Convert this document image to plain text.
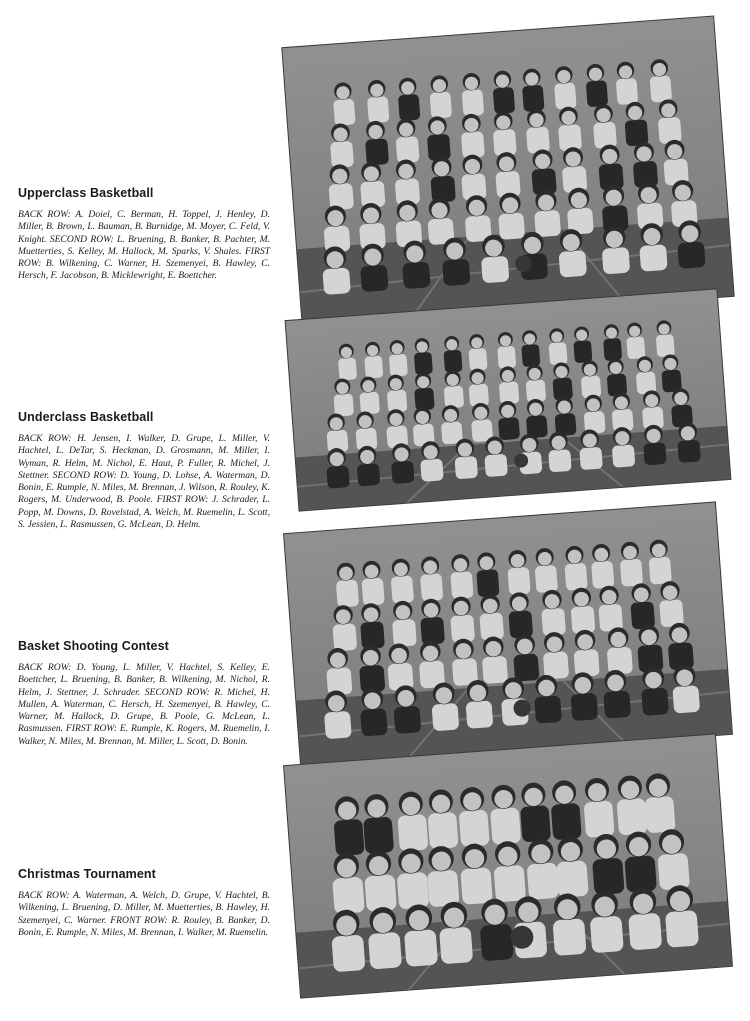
Upperclass Basketball

BACK ROW: A. Doiel, C. Berman, H. Toppel, J. Henley, D. Miller, B. Brown, L. Bauman, B. Burnidge, M. Moyer, C. Feld, V. Knight. SECOND ROW: L. Bruening, B. Banker, B. Pachter, M. Muetterties, S. Kelley, M. Hallock, M. Sparks, V. Shales. FIRST ROW: B. Wilkening, C. Warner, H. Szemenyei, B. Hawley, C. Hersch, F. Jacobson, B. Micklewright, E. Boettcher.

Underclass Basketball

BACK ROW: H. Jensen, I. Walker, D. Grupe, L. Miller, V. Hachtel, L. DeTar, S. Heckman, D. Grosmann, M. Miller, I. Wyman, R. Helm, M. Nichol, E. Haut, P. Fuller, R. Michel, J. Stettner. SECOND ROW: D. Young, D. Lohse, A. Waterman, D. Bonin, E. Rumple, N. Miles, M. Brennan, J. Wilson, R. Rouley, K. Rogers, M. Underwood, B. Poole. FIRST ROW: J. Schrader, L. Popp, M. Downs, D. Rovelstad, A. Welch, M. Ruemelin, L. Scott, S. Jessien, L. Rasmussen, G. McLean, D. Helm.

Basket Shooting Contest

BACK ROW: D. Young, L. Miller, V. Hachtel, S. Kelley, E. Boettcher, L. Bruening, B. Banker, B. Wilkening, M. Nichol, R. Helm, J. Stettner, J. Schrader. SECOND ROW: R. Michel, H. Mullen, A. Waterman, C. Hersch, H. Szemenyei, B. Hawley, C. Warner, M. Hallock, D. Grupe, B. Poole, G. McLean, L. Rasmussen. FIRST ROW: E. Rumple, K. Rogers, M. Ruemelin, I. Walker, N. Miles, M. Brennan, M. Miller, L. Scott, D. Bonin.

Christmas Tournament

BACK ROW: A. Waterman, A. Welch, D. Grupe, V. Hachtel, B. Wilkening, L. Bruening, D. Miller, M. Muetterties, B. Hawley, H. Szemenyei, C. Warner. FRONT ROW: R. Rouley, B. Banker, D. Bonin, E. Rumple, N. Miles, M. Brennan, I. Walker, M. Ruemelin.
